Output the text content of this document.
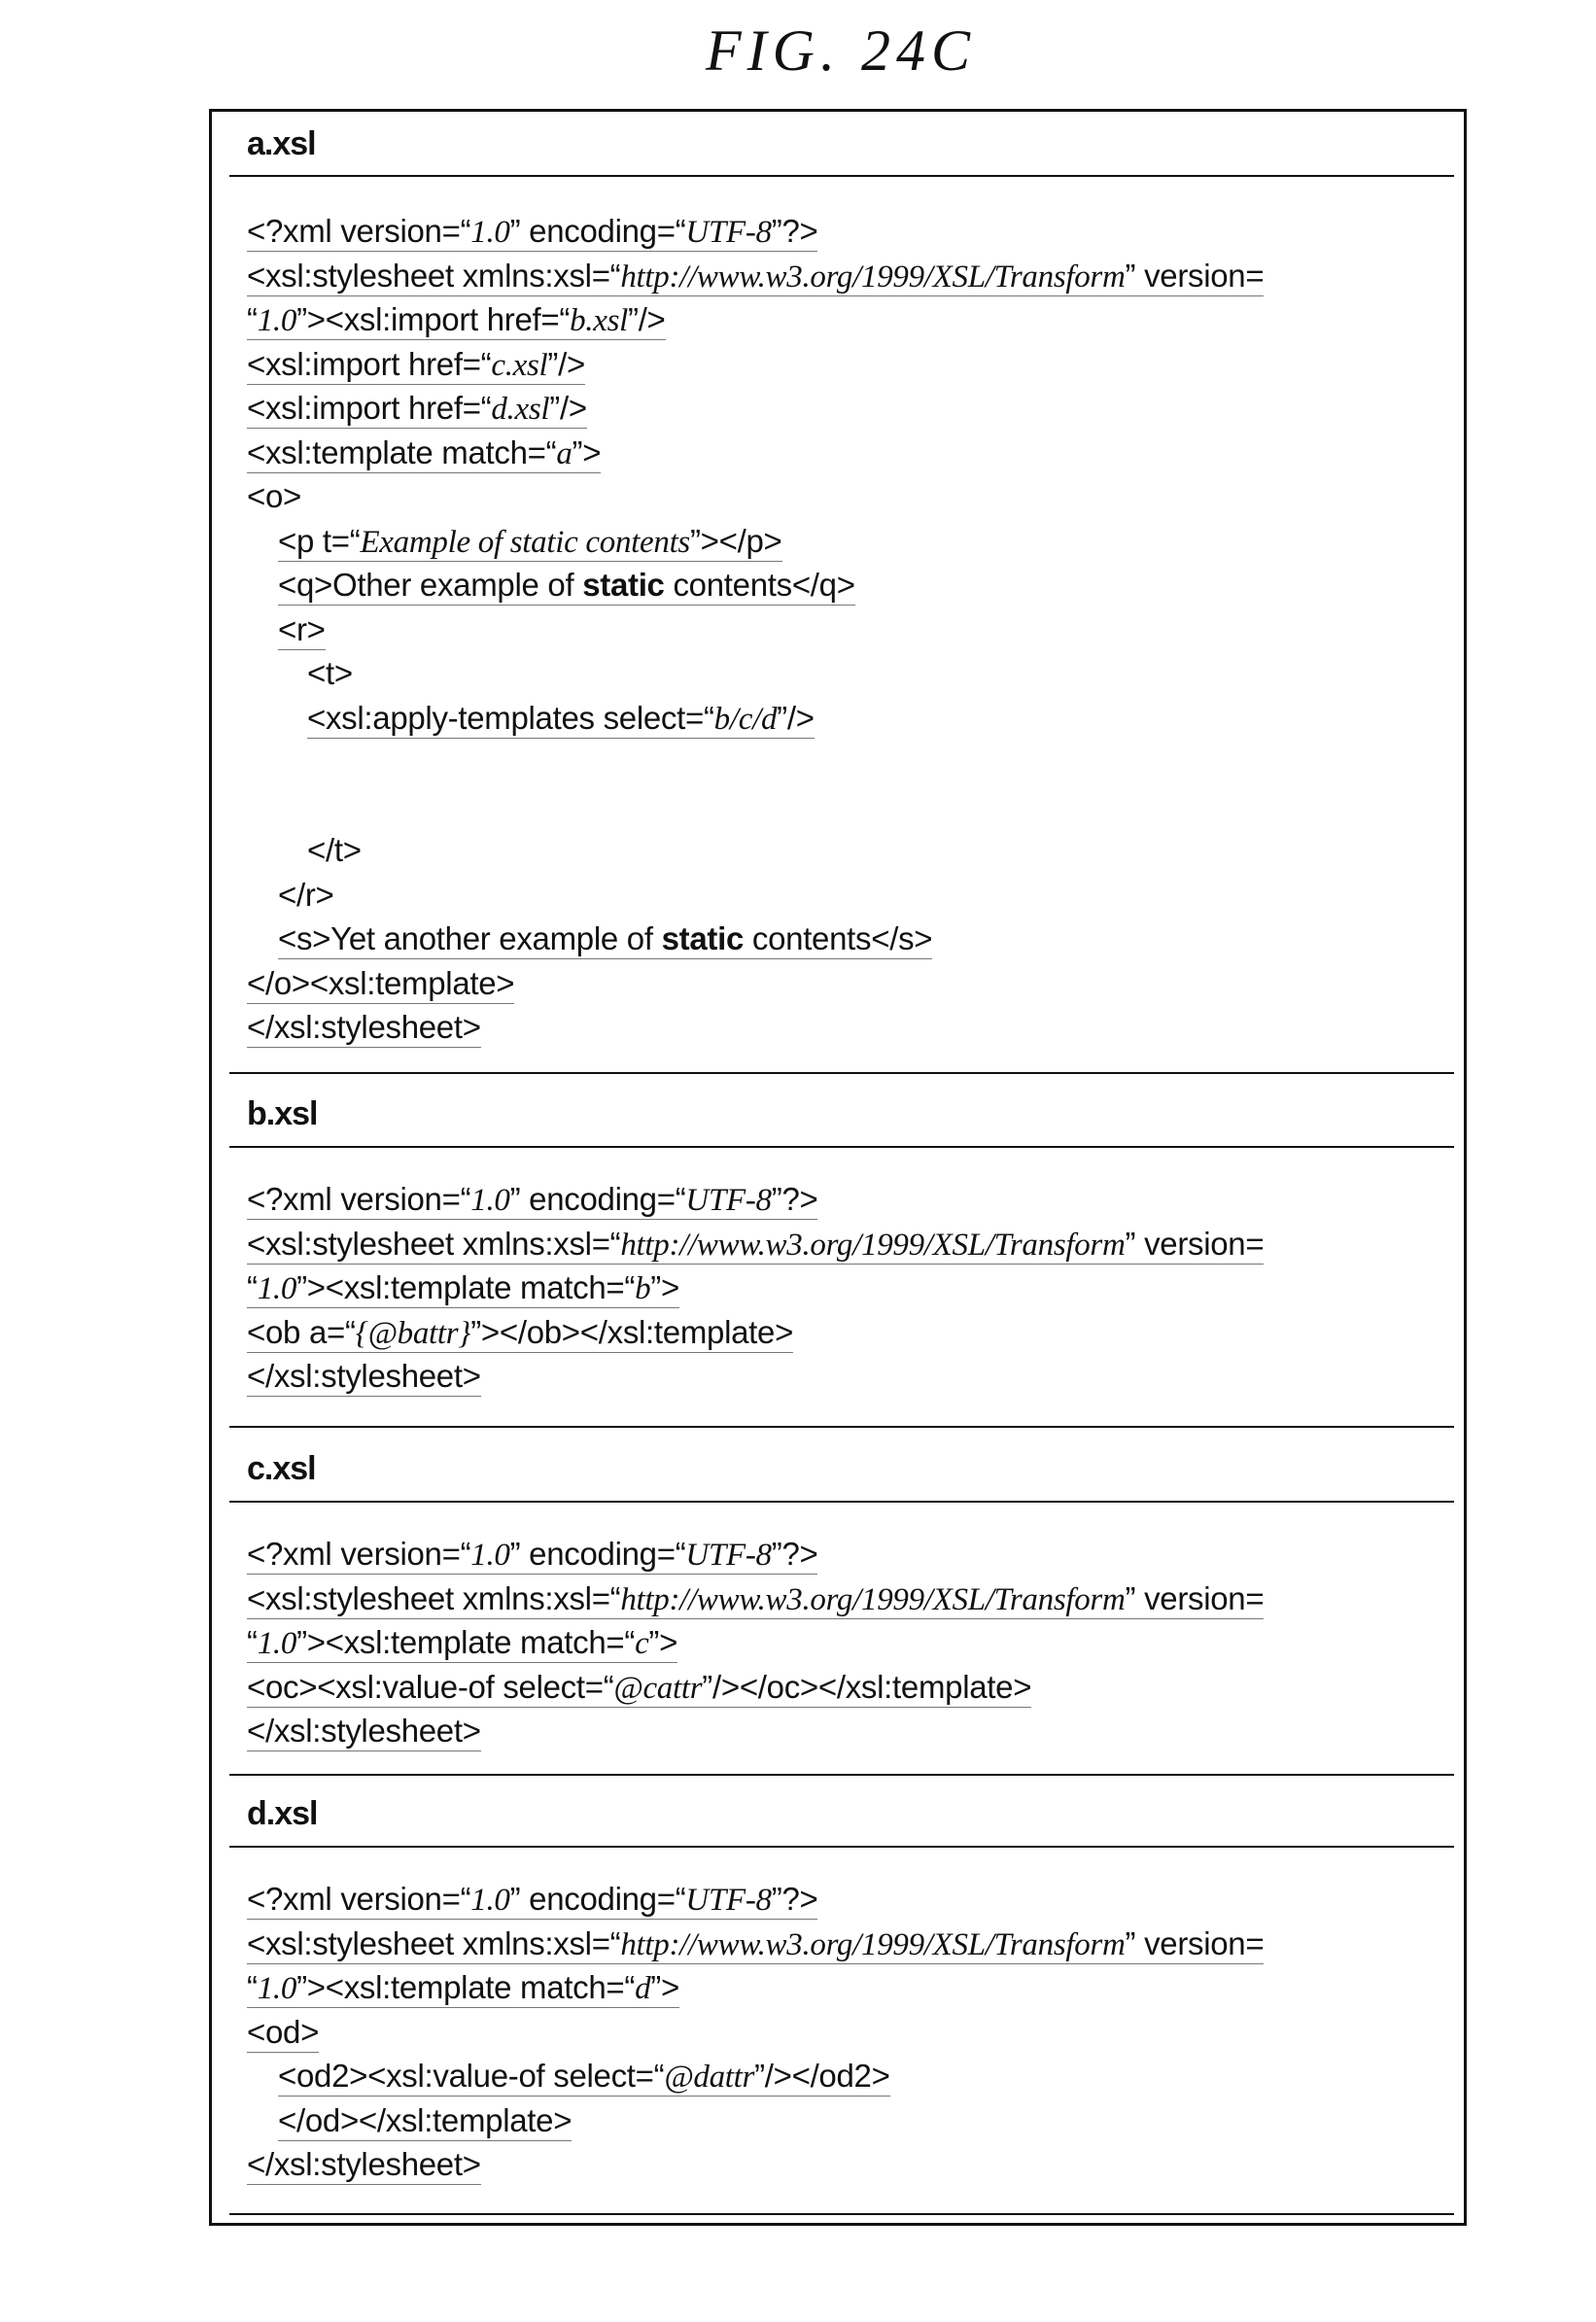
FIG. 24C
a.xsl
<?xml version=“1.0” encoding=“UTF-8”?>
<xsl:stylesheet xmlns:xsl=“http://www.w3.org/1999/XSL/Transform” version=
“1.0”><xsl:import href=“b.xsl”/>
<xsl:import href=“c.xsl”/>
<xsl:import href=“d.xsl”/>
<xsl:template match=“a”>
<o>
<p t=“Example of static contents”></p>
<q>Other example of static contents</q>
<r>
<t>
<xsl:apply-templates select=“b/c/d”/>
</t>
</r>
<s>Yet another example of static contents</s>
</o><xsl:template>
</xsl:stylesheet>
b.xsl
<?xml version=“1.0” encoding=“UTF-8”?>
<xsl:stylesheet xmlns:xsl=“http://www.w3.org/1999/XSL/Transform” version=
“1.0”><xsl:template match=“b”>
<ob a=“{@battr}”></ob></xsl:template>
</xsl:stylesheet>
c.xsl
<?xml version=“1.0” encoding=“UTF-8”?>
<xsl:stylesheet xmlns:xsl=“http://www.w3.org/1999/XSL/Transform” version=
“1.0”><xsl:template match=“c”>
<oc><xsl:value-of select=“@cattr”/></oc></xsl:template>
</xsl:stylesheet>
d.xsl
<?xml version=“1.0” encoding=“UTF-8”?>
<xsl:stylesheet xmlns:xsl=“http://www.w3.org/1999/XSL/Transform” version=
“1.0”><xsl:template match=“d”>
<od>
<od2><xsl:value-of select=“@dattr”/></od2>
</od></xsl:template>
</xsl:stylesheet>
